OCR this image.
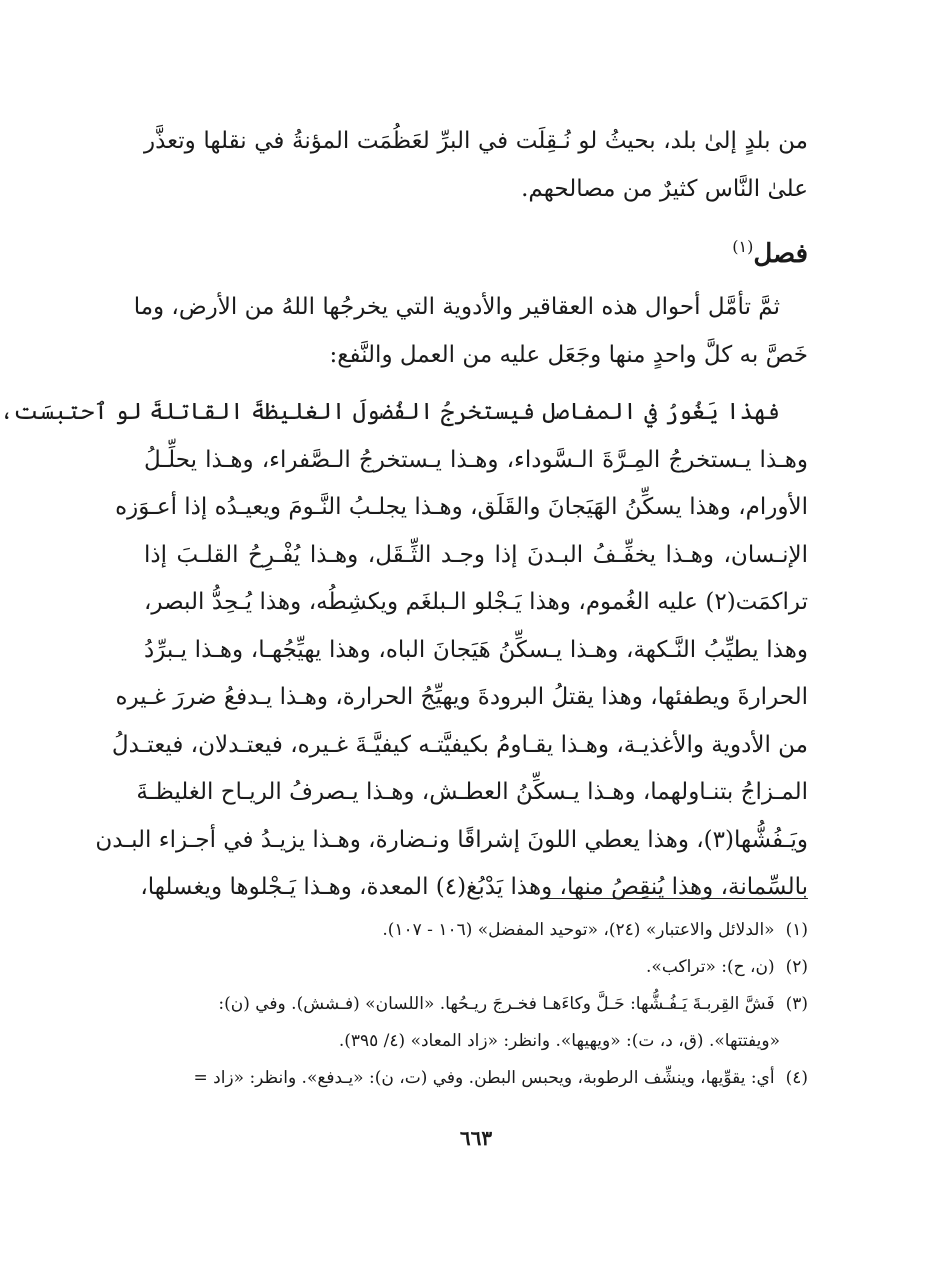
من بلدٍ إلىٰ بلد، بحيثُ لو نُـقِلَت في البرِّ لعَظُمَت المؤنةُ في نقلها وتعذَّر
علىٰ النَّاس كثيرٌ من مصالحهم.

فصل$^{(١)}$

ثمَّ تأمَّل أحوال هذه العقاقير والأدوية التي يخرجُها اللهُ من الأرض، وما
خَصَّ به كلَّ واحدٍ منها وجَعَل عليه من العمل والنَّفع:

فهذا يَغُورُ في المفاصل فيستخرجُ الفُضولَ الغليظةَ القاتلةَ لو ٱحتبسَت،
وهـذا يـستخرجُ المِـرَّةَ الـسَّوداء، وهـذا يـستخرجُ الـصَّفراء، وهـذا يحلِّـلُ
الأورام، وهذا يسكِّنُ الهَيَجانَ والقَلَق، وهـذا يجلـبُ النَّـومَ ويعيـدُه إذا أعـوَزه
الإنـسان، وهـذا يخفِّـفُ البـدنَ إذا وجـد الثِّـقَل، وهـذا يُفْـرِحُ القلـبَ إذا
تراكمَت(٢) عليه الغُموم، وهذا يَـجْلو الـبلغَم ويكشِطُه، وهذا يُـحِدُّ البصر،
وهذا يطيِّبُ النَّـكهة، وهـذا يـسكِّنُ هَيَجانَ الباه، وهذا يهيِّجُهـا، وهـذا يـبرِّدُ
الحرارةَ ويطفئها، وهذا يقتلُ البرودةَ ويهيِّجُ الحرارة، وهـذا يـدفعُ ضررَ غـيره
من الأدوية والأغذيـة، وهـذا يقـاومُ بكيفيَّتـه كيفيَّـةَ غـيره، فيعتـدلان، فيعتـدلُ
المـزاجُ بتنـاولهما، وهـذا يـسكِّنُ العطـش، وهـذا يـصرفُ الريـاح الغليظـةَ
ويَـفُشُّها(٣)، وهذا يعطي اللونَ إشراقًا ونـضارة، وهـذا يزيـدُ في أجـزاء البـدن
بالسِّمانة، وهذا يُنقِصُ منها، وهذا يَدْبُغ(٤) المعدة، وهـذا يَـجْلوها ويغسلها،

(١) «الدلائل والاعتبار» (٢٤)، «توحيد المفضل» (١٠٦ - ١٠٧).
(٢) (ن، ح): «تراكب».
(٣) فَشَّ القِربـةَ يَـفُـشُّها: حَـلَّ وكاءَهـا فخـرجَ ريـحُها. «اللسان» (فـشش). وفي (ن):
«ويفتتها». (ق، د، ت): «ويهيها». وانظر: «زاد المعاد» (٤/ ٣٩٥).
(٤) أي: يقوِّيها، وينشِّف الرطوبة، ويحبس البطن. وفي (ت، ن): «يـدفع». وانظر: «زاد =
٦٦٣
